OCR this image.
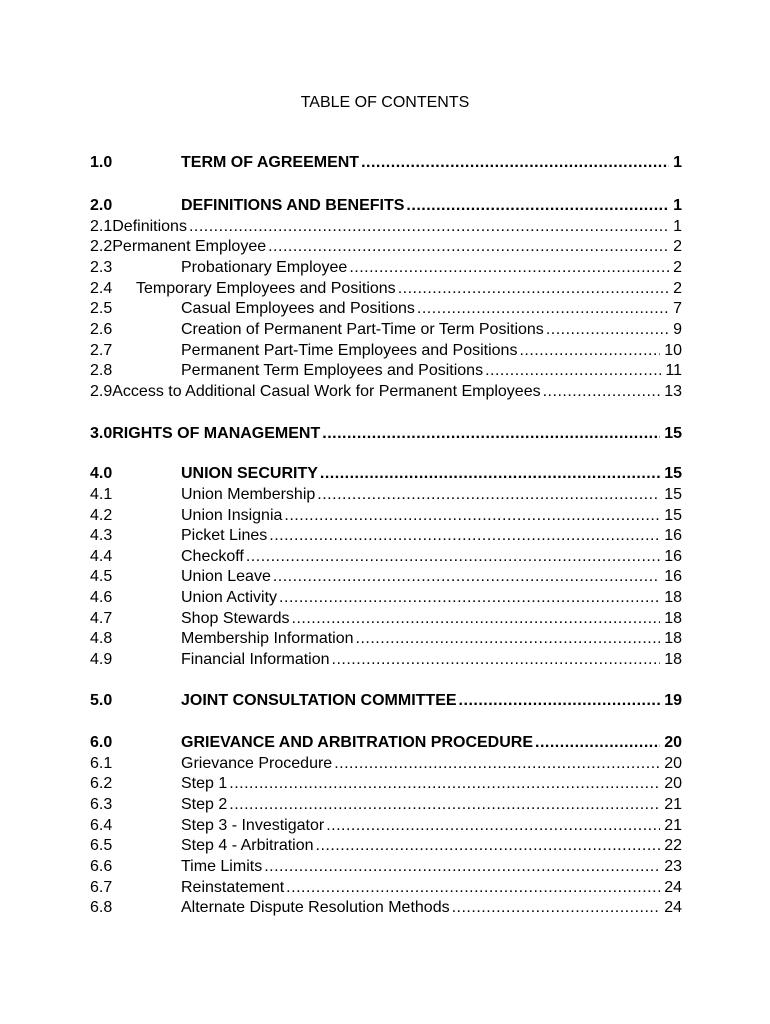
TABLE OF CONTENTS
1.0	TERM OF AGREEMENT .....	1
2.0	DEFINITIONS AND BENEFITS .....	1
2.1 Definitions .....	1
2.2 Permanent Employee .....	2
2.3	Probationary Employee .....	2
2.4 Temporary Employees and Positions .....	2
2.5	Casual Employees and Positions .....	7
2.6	Creation of Permanent Part-Time or Term Positions .....	9
2.7	Permanent Part-Time Employees and Positions .....	10
2.8	Permanent Term Employees and Positions .....	11
2.9 Access to Additional Casual Work for Permanent Employees .....	13
3.0 RIGHTS OF MANAGEMENT .....	15
4.0	UNION SECURITY .....	15
4.1	Union Membership .....	15
4.2	Union Insignia .....	15
4.3	Picket Lines .....	16
4.4	Checkoff .....	16
4.5	Union Leave .....	16
4.6	Union Activity .....	18
4.7	Shop Stewards .....	18
4.8	Membership Information .....	18
4.9	Financial Information .....	18
5.0	JOINT CONSULTATION COMMITTEE .....	19
6.0	GRIEVANCE AND ARBITRATION PROCEDURE .....	20
6.1	Grievance Procedure .....	20
6.2	Step 1 .....	20
6.3	Step 2 .....	21
6.4	Step 3 - Investigator .....	21
6.5	Step 4 - Arbitration .....	22
6.6	Time Limits .....	23
6.7	Reinstatement .....	24
6.8	Alternate Dispute Resolution Methods .....	24
